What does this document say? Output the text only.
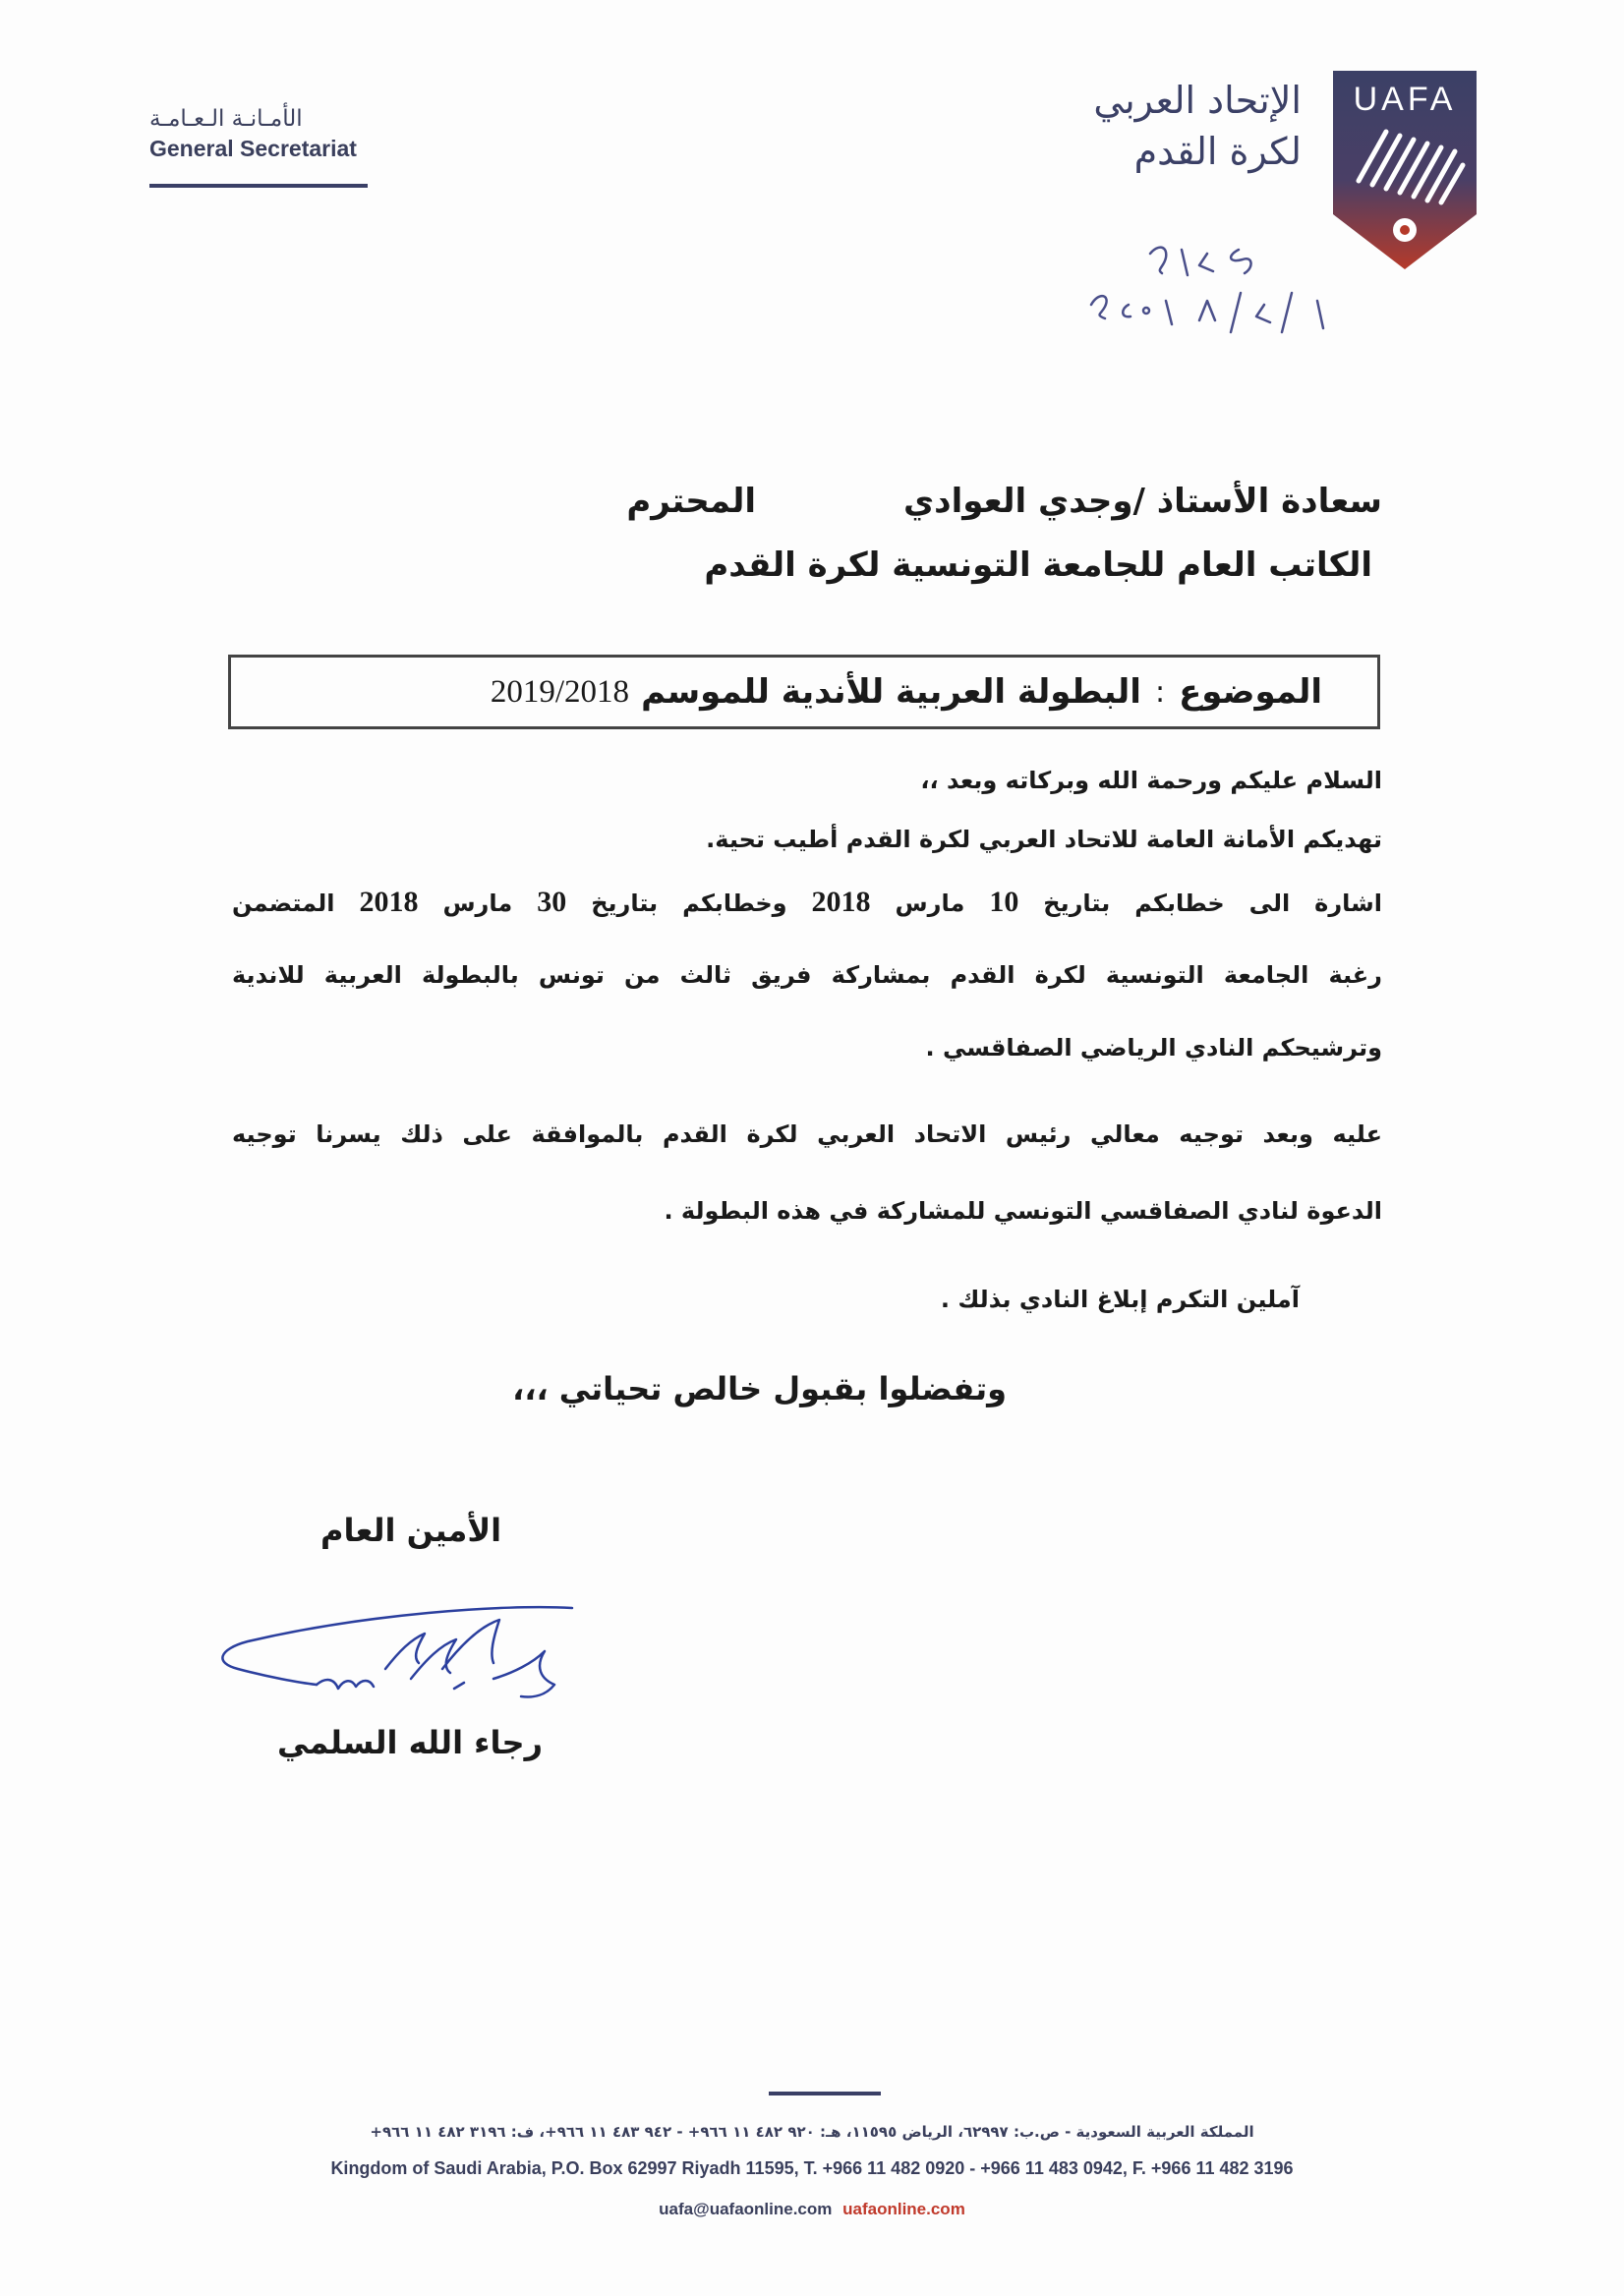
الأمـانـة الـعـامـة
General Secretariat
الإتحاد العربي
لكرة القدم
UAFA
سعادة الأستاذ /وجدي العواديالمحترم
الكاتب العام للجامعة التونسية لكرة القدم
الموضوع
:
البطولة العربية للأندية للموسم
2019/2018
السلام عليكم ورحمة الله وبركاته وبعد ،،
تهديكم الأمانة العامة للاتحاد العربي لكرة القدم أطيب تحية.
اشارة الى خطابكم بتاريخ 10 مارس 2018 وخطابكم بتاريخ 30 مارس 2018 المتضمن
رغبة الجامعة التونسية لكرة القدم بمشاركة فريق ثالث من تونس بالبطولة العربية للاندية
وترشيحكم النادي الرياضي الصفاقسي .
عليه وبعد توجيه معالي رئيس الاتحاد العربي لكرة القدم بالموافقة على ذلك يسرنا توجيه
الدعوة لنادي الصفاقسي التونسي للمشاركة في هذه البطولة .
آملين التكرم إبلاغ النادي بذلك .
وتفضلوا بقبول خالص تحياتي ،،،
الأمين العام
رجاء الله السلمي
المملكة العربية السعودية - ص.ب: ٦٢٩٩٧، الرياض ١١٥٩٥، هـ: ٩٢٠ ٤٨٢ ١١ ٩٦٦+ - ٩٤٢ ٤٨٣ ١١ ٩٦٦+، ف: ٣١٩٦ ٤٨٢ ١١ ٩٦٦+
Kingdom of Saudi Arabia, P.O. Box 62997 Riyadh 11595, T. +966 11 482 0920 - +966 11 483 0942, F. +966 11 482 3196
uafa@uafaonline.com uafaonline.com
